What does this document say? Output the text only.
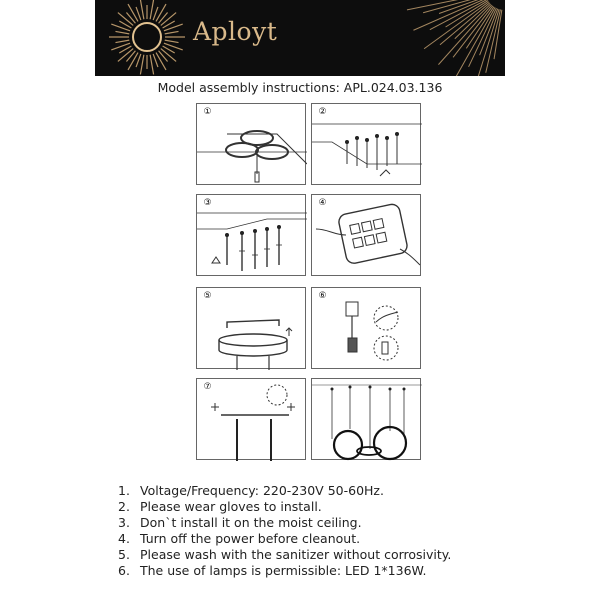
Aployt
Model assembly instructions: APL.024.03.136
①	②
③	④
⑤	⑥
⑦
1. Voltage/Frequency: 220-230V 50-60Hz.
2. Please wear gloves to install.
3. Don`t install it on the moist ceiling.
4. Turn off the power before cleanout.
5. Please wash with the sanitizer without corrosivity.
6. The use of lamps is permissible: LED 1*136W.
